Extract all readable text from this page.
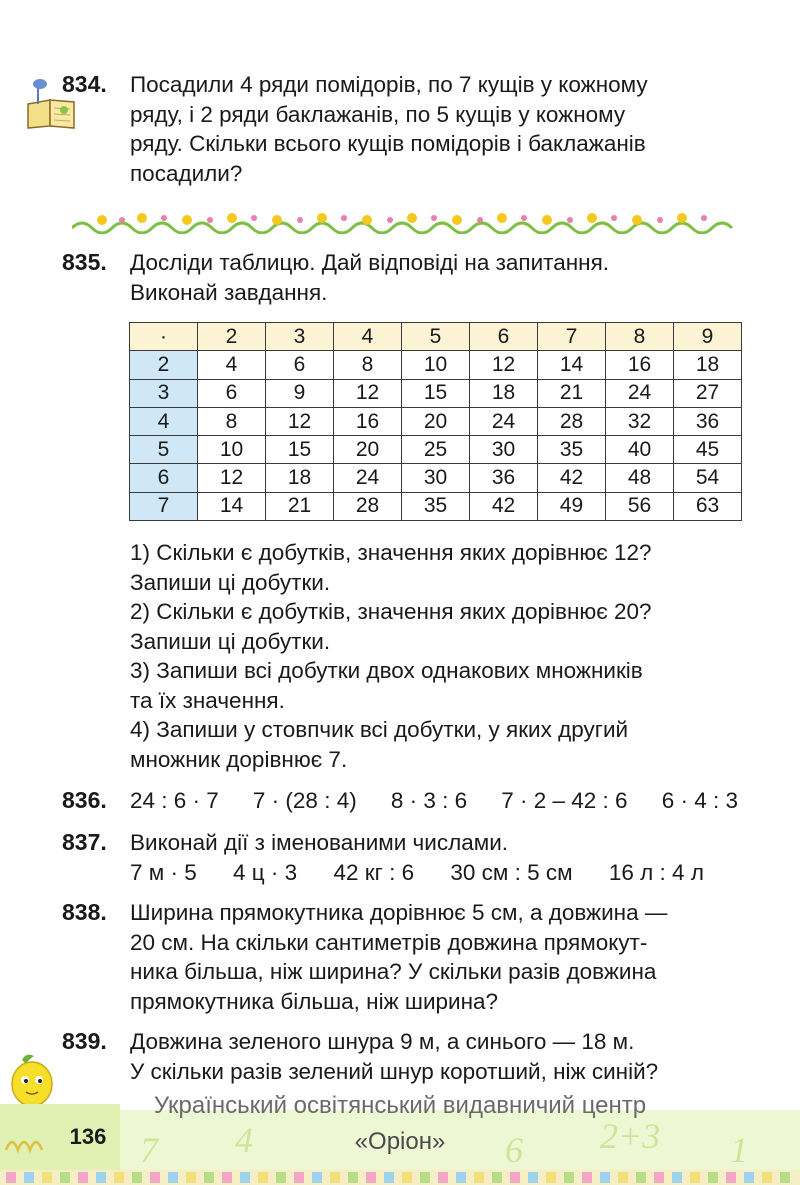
834. Посадили 4 ряди помідорів, по 7 кущів у кожному
ряду, і 2 ряди баклажанів, по 5 кущів у кожному
ряду. Скільки всього кущів помідорів і баклажанів
посадили?
835. Досліди таблицю. Дай відповіді на запитання.
Виконай завдання.
·	2	3	4	5	6	7	8	9
2	4	6	8	10	12	14	16	18
3	6	9	12	15	18	21	24	27
4	8	12	16	20	24	28	32	36
5	10	15	20	25	30	35	40	45
6	12	18	24	30	36	42	48	54
7	14	21	28	35	42	49	56	63
1) Скільки є добутків, значення яких дорівнює 12?
Запиши ці добутки.
2) Скільки є добутків, значення яких дорівнює 20?
Запиши ці добутки.
3) Запиши всі добутки двох однакових множників
та їх значення.
4) Запиши у стовпчик всі добутки, у яких другий
множник дорівнює 7.
836. 24 : 6 · 7 7 · (28 : 4) 8 · 3 : 6 7 · 2 – 42 : 6 6 · 4 : 3
837. Виконай дії з іменованими числами.
7 м · 5 4 ц · 3 42 кг : 6 30 см : 5 см 16 л : 4 л
838. Ширина прямокутника дорівнює 5 см, а довжина —
20 см. На скільки сантиметрів довжина прямокут-
ника більша, ніж ширина? У скільки разів довжина
прямокутника більша, ніж ширина?
839. Довжина зеленого шнура 9 м, а синього — 18 м.
У скільки разів зелений шнур коротший, ніж синій?
7 4	6 2+3 1
Український освітянський видавничий центр
«Оріон»
136
